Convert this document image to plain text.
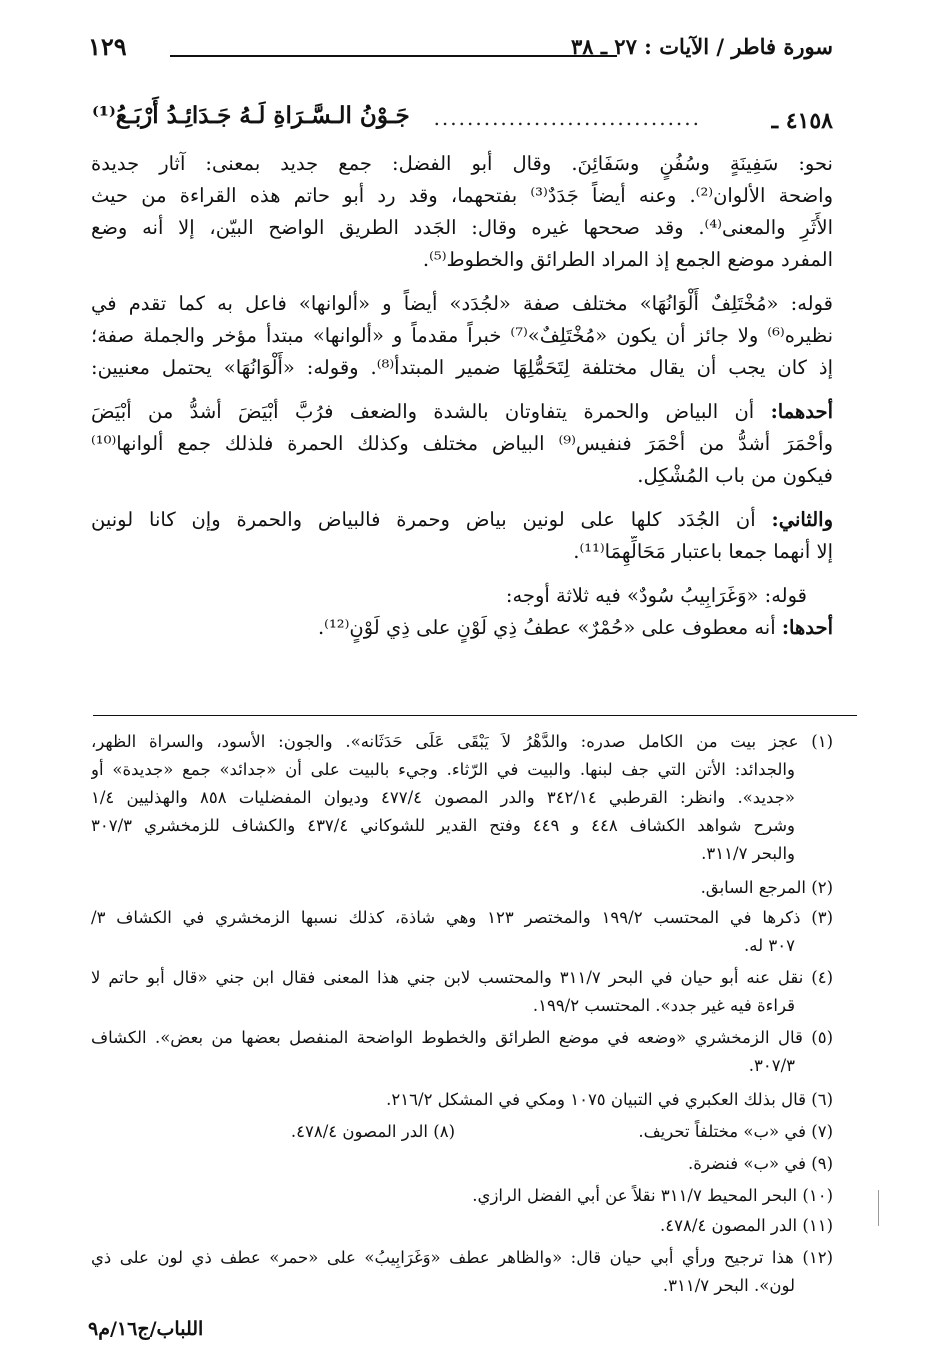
سورة فاطر / الآيات : ٢٧ ـ ٣٨
١٢٩
٤١٥٨ ـ
................................
جَـوْنُ الـسَّـرَاةِ لَـهُ جَـدَائِـدُ أَرْبَـعُ⁽¹⁾
نحو: سَفِينَةٍ وسُفُنٍ وسَفَائِنَ. وقال أبو الفضل: جمع جديد بمعنى: آثار جديدة
واضحة الألوان⁽²⁾. وعنه أيضاً جَدَدٌ⁽³⁾ بفتحهما، وقد رد أبو حاتم هذه القراءة من حيث
الأَثَرِ والمعنى⁽⁴⁾. وقد صححها غيره وقال: الجَدد الطريق الواضح البيّن، إلا أنه وضع
المفرد موضع الجمع إذ المراد الطرائق والخطوط⁽⁵⁾.
قوله: «مُخْتَلِفٌ أَلْوَانُهَا» مختلف صفة «لجُدَد» أيضاً و «ألوانها» فاعل به كما تقدم في
نظيره⁽⁶⁾ ولا جائز أن يكون «مُخْتَلِفٌ»⁽⁷⁾ خبراً مقدماً و «ألوانها» مبتدأ مؤخر والجملة صفة؛
إذ كان يجب أن يقال مختلفة لِتَحَمُّلِهَا ضمير المبتدأ⁽⁸⁾. وقوله: «أَلْوَانُهَا» يحتمل معنيين:
أحدهما: أن البياض والحمرة يتفاوتان بالشدة والضعف فرُبَّ أبْيَضَ أشدُّ من أبْيَضَ
وأحْمَرَ أشدُّ من أحْمَرَ فنفيس⁽⁹⁾ البياض مختلف وكذلك الحمرة فلذلك جمع ألوانها⁽¹⁰⁾
فيكون من باب المُشْكِل.
والثاني: أن الجُدَد كلها على لونين بياض وحمرة فالبياض والحمرة وإن كانا لونين
إلا أنهما جمعا باعتبار مَحَالِّهِمَا⁽¹¹⁾.
قوله: «وَغَرَابِيبُ سُودٌ» فيه ثلاثة أوجه:
أحدها: أنه معطوف على «حُمْرٌ» عطفُ ذِي لَوْنٍ على ذِي لَوْنٍ⁽¹²⁾.
(١) عجز بيت من الكامل صدره: والدَّهْرُ لاَ يَبْقَى عَلَى حَدَثَانه». والجون: الأسود، والسراة الظهر،
والجدائد: الأتن التي جف لبنها. والبيت في الرّثاء. وجيء بالبيت على أن «جدائد» جمع «جديدة» أو
«جديد». وانظر: القرطبي ٣٤٢/١٤ والدر المصون ٤٧٧/٤ وديوان المفضليات ٨٥٨ والهذليين ١/٤
وشرح شواهد الكشاف ٤٤٨ و ٤٤٩ وفتح القدير للشوكاني ٤٣٧/٤ والكشاف للزمخشري ٣٠٧/٣
والبحر ٣١١/٧.
(٢) المرجع السابق.
(٣) ذكرها في المحتسب ١٩٩/٢ والمختصر ١٢٣ وهي شاذة، كذلك نسبها الزمخشري في الكشاف ٣/
٣٠٧ له.
(٤) نقل عنه أبو حيان في البحر ٣١١/٧ والمحتسب لابن جني هذا المعنى فقال ابن جني «قال أبو حاتم لا
قراءة فيه غير جدد». المحتسب ١٩٩/٢.
(٥) قال الزمخشري «وضعه في موضع الطرائق والخطوط الواضحة المنفصل بعضها من بعض». الكشاف
٣٠٧/٣.
(٦) قال بذلك العكبري في التبيان ١٠٧٥ ومكي في المشكل ٢١٦/٢.
(٧) في «ب» مختلفاً تحريف.
(٨) الدر المصون ٤٧٨/٤.
(٩) في «ب» فنضرة.
(١٠) البحر المحيط ٣١١/٧ نقلاً عن أبي الفضل الرازي.
(١١) الدر المصون ٤٧٨/٤.
(١٢) هذا ترجيح ورأي أبي حيان قال: «والظاهر عطف «وَغَرَابِيبُ» على «حمر» عطف ذي لون على ذي
لون». البحر ٣١١/٧.
اللباب/ج١٦/م٩
